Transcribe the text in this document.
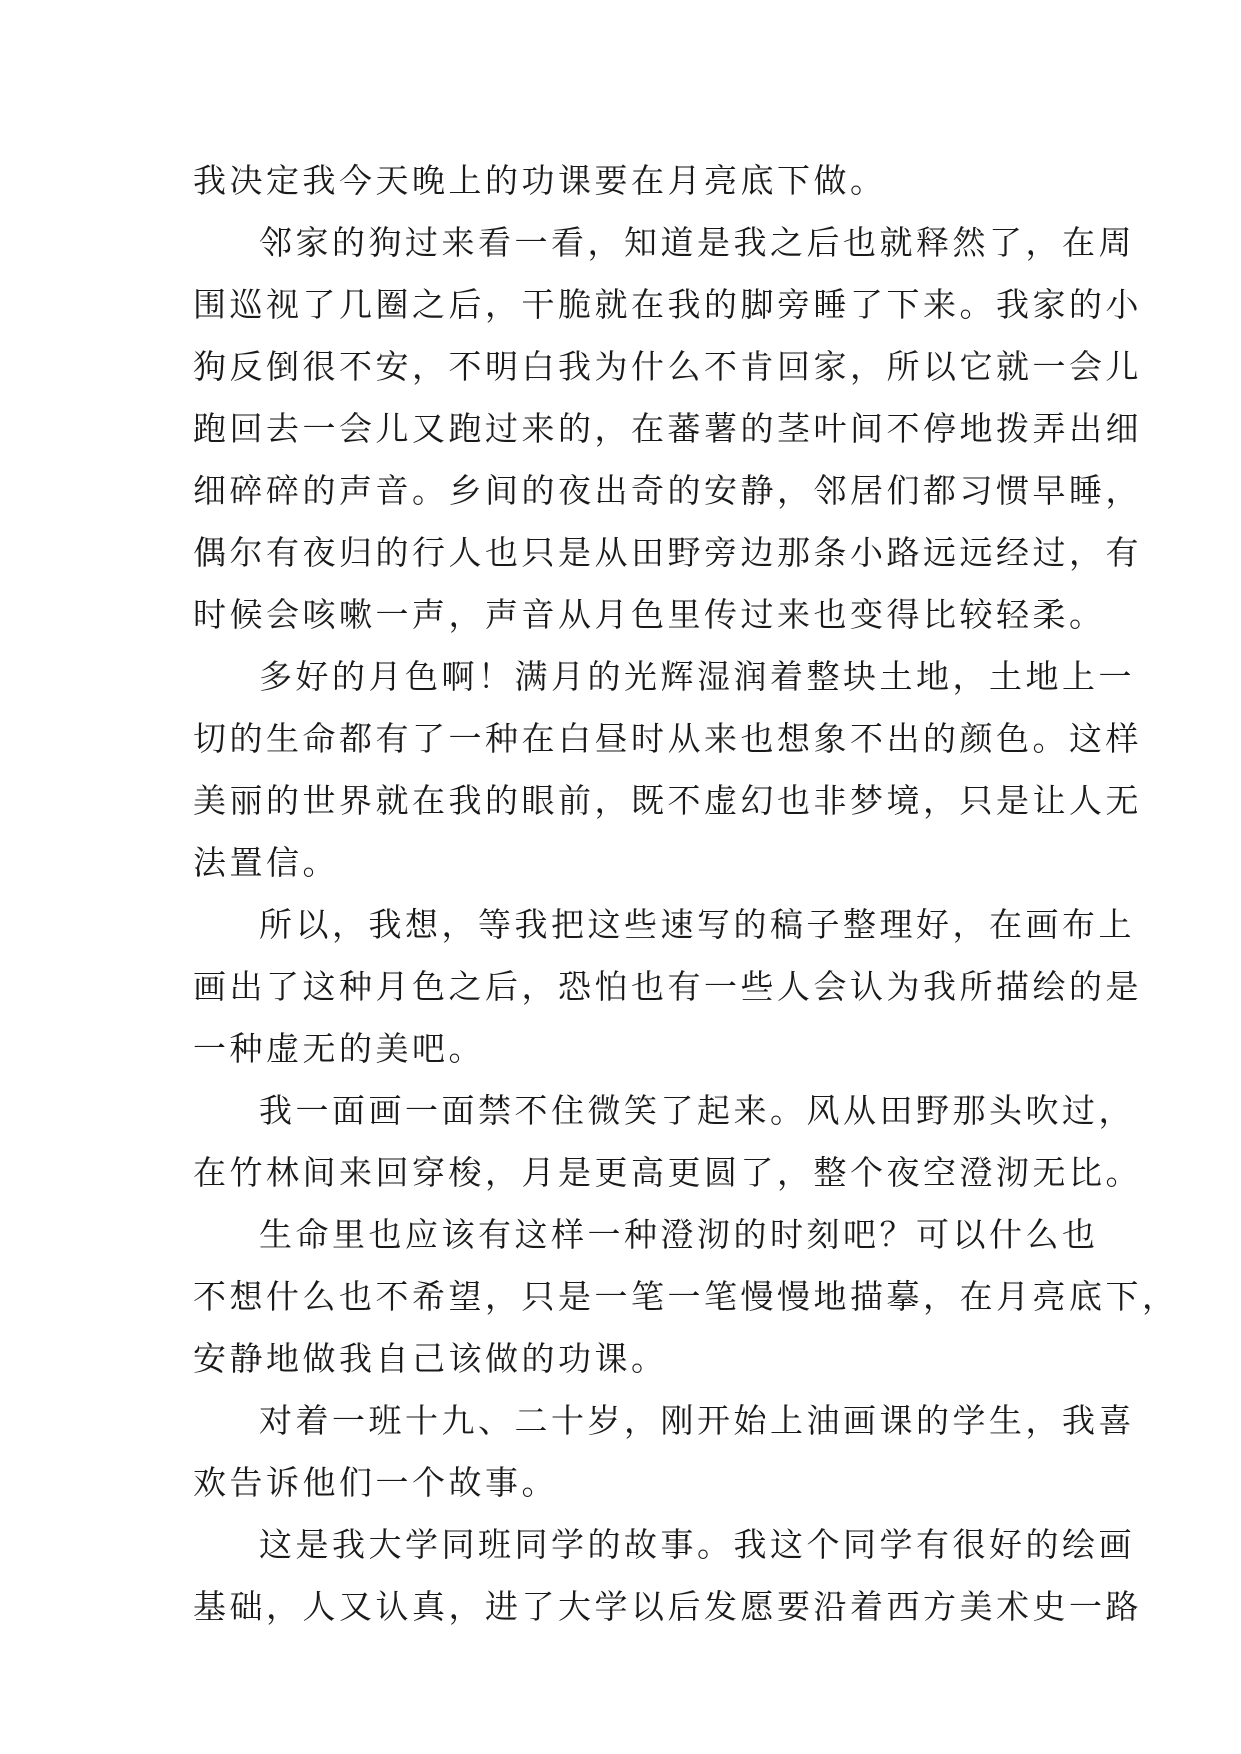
我决定我今天晚上的功课要在月亮底下做。
邻家的狗过来看一看，知道是我之后也就释然了，在周
围巡视了几圈之后，干脆就在我的脚旁睡了下来。我家的小
狗反倒很不安，不明白我为什么不肯回家，所以它就一会儿
跑回去一会儿又跑过来的，在蕃薯的茎叶间不停地拨弄出细
细碎碎的声音。乡间的夜出奇的安静，邻居们都习惯早睡，
偶尔有夜归的行人也只是从田野旁边那条小路远远经过，有
时候会咳嗽一声，声音从月色里传过来也变得比较轻柔。
多好的月色啊！满月的光辉湿润着整块土地，土地上一
切的生命都有了一种在白昼时从来也想象不出的颜色。这样
美丽的世界就在我的眼前，既不虚幻也非梦境，只是让人无
法置信。
所以，我想，等我把这些速写的稿子整理好，在画布上
画出了这种月色之后，恐怕也有一些人会认为我所描绘的是
一种虚无的美吧。
我一面画一面禁不住微笑了起来。风从田野那头吹过，
在竹林间来回穿梭，月是更高更圆了，整个夜空澄沏无比。
生命里也应该有这样一种澄沏的时刻吧？可以什么也
不想什么也不希望，只是一笔一笔慢慢地描摹，在月亮底下，
安静地做我自己该做的功课。
对着一班十九、二十岁，刚开始上油画课的学生，我喜
欢告诉他们一个故事。
这是我大学同班同学的故事。我这个同学有很好的绘画
基础，人又认真，进了大学以后发愿要沿着西方美术史一路
